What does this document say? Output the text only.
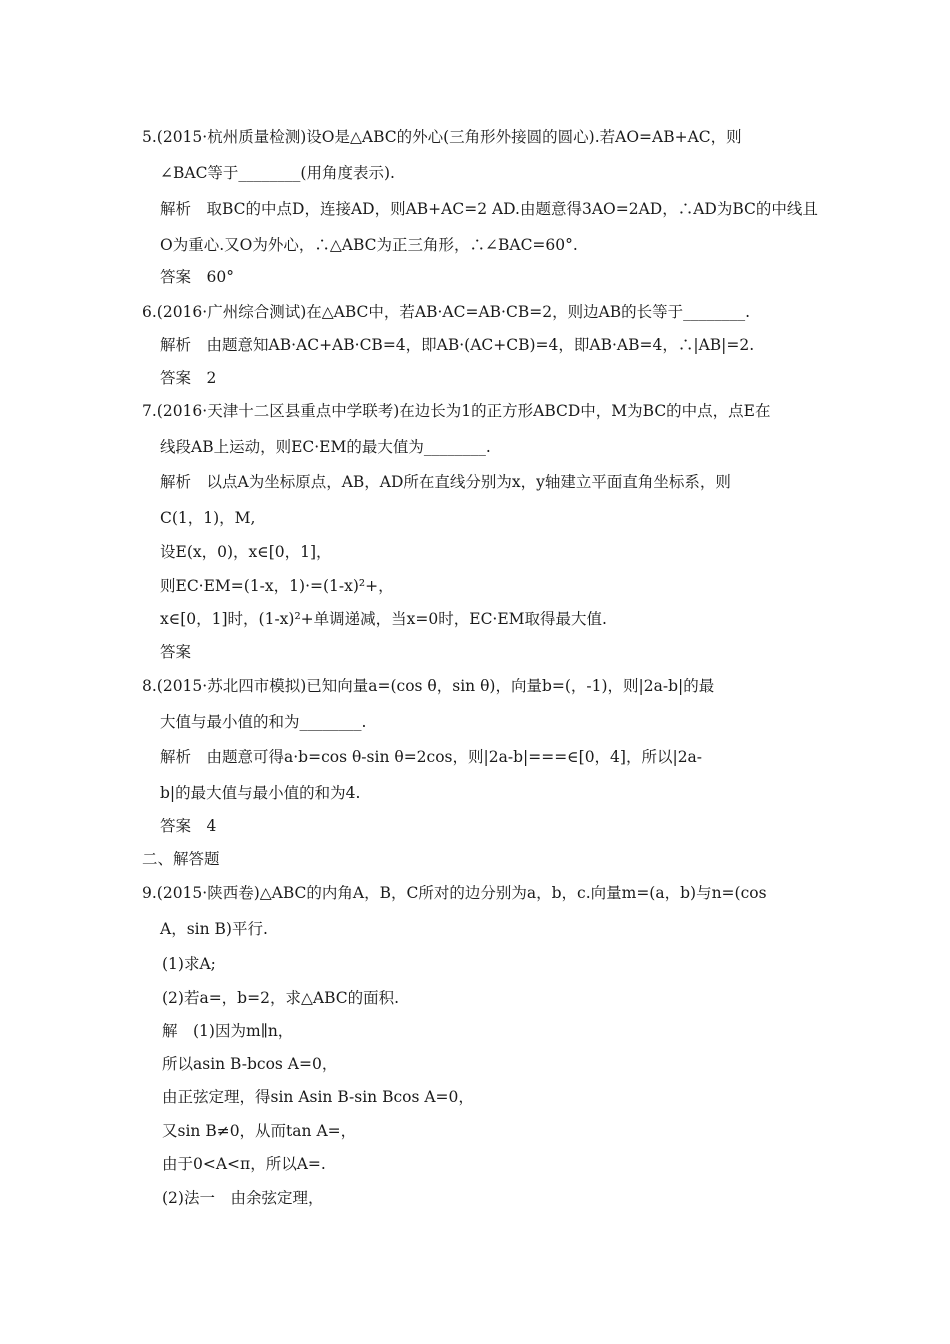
5.(2015·杭州质量检测)设O是△ABC的外心(三角形外接圆的圆心).若AO=AB+AC，则
∠BAC等于________(用角度表示).
解析　取BC的中点D，连接AD，则AB+AC=2 AD.由题意得3AO=2AD，∴AD为BC的中线且
O为重心.又O为外心，∴△ABC为正三角形，∴∠BAC=60°.
答案　60°
6.(2016·广州综合测试)在△ABC中，若AB·AC=AB·CB=2，则边AB的长等于________.
解析　由题意知AB·AC+AB·CB=4，即AB·(AC+CB)=4，即AB·AB=4，∴|AB|=2.
答案　2
7.(2016·天津十二区县重点中学联考)在边长为1的正方形ABCD中，M为BC的中点，点E在
线段AB上运动，则EC·EM的最大值为________.
解析　以点A为坐标原点，AB，AD所在直线分别为x，y轴建立平面直角坐标系，则
C(1，1)，M,
设E(x，0)，x∈[0，1]，
则EC·EM=(1-x，1)·=(1-x)²+，
x∈[0，1]时，(1-x)²+单调递减，当x=0时，EC·EM取得最大值.
答案
8.(2015·苏北四市模拟)已知向量a=(cos θ，sin θ)，向量b=(，-1)，则|2a-b|的最
大值与最小值的和为________.
解析　由题意可得a·b=cos θ-sin θ=2cos，则|2a-b|===∈[0，4]，所以|2a-
b|的最大值与最小值的和为4.
答案　4
二、解答题
9.(2015·陕西卷)△ABC的内角A，B，C所对的边分别为a，b，c.向量m=(a，b)与n=(cos
A，sin B)平行.
(1)求A;
(2)若a=，b=2，求△ABC的面积.
解　(1)因为m∥n，
所以asin B-bcos A=0，
由正弦定理，得sin Asin B-sin Bcos A=0，
又sin B≠0，从而tan A=，
由于0<A<π，所以A=.
(2)法一　由余弦定理，
